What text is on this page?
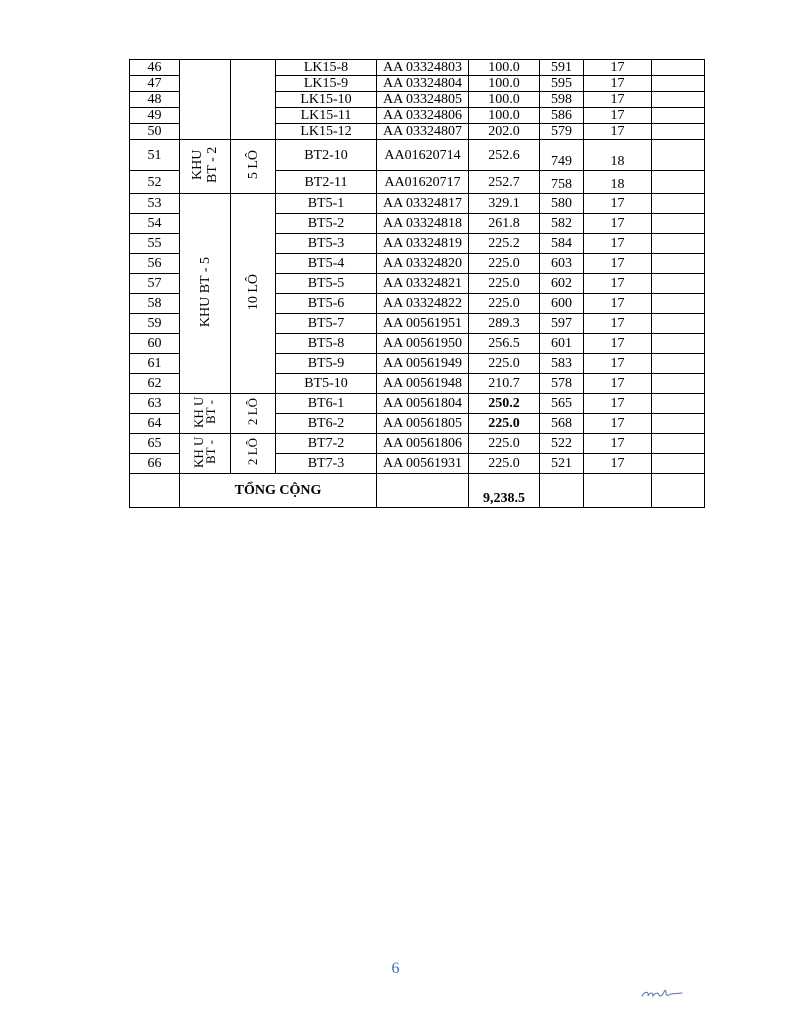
46			LK15-8	AA 03324803	100.0	591	17	
47			LK15-9	AA 03324804	100.0	595	17	
48			LK15-10	AA 03324805	100.0	598	17	
49			LK15-11	AA 03324806	100.0	586	17	
50			LK15-12	AA 03324807	202.0	579	17	
51	KHU BT - 2	5 LÔ	BT2-10	AA01620714	252.6	749	18	
52			BT2-11	AA01620717	252.7	758	18	
53	KHU BT - 5	10 LÔ	BT5-1	AA 03324817	329.1	580	17	
54			BT5-2	AA 03324818	261.8	582	17	
55			BT5-3	AA 03324819	225.2	584	17	
56			BT5-4	AA 03324820	225.0	603	17	
57			BT5-5	AA 03324821	225.0	602	17	
58			BT5-6	AA 03324822	225.0	600	17	
59			BT5-7	AA 00561951	289.3	597	17	
60			BT5-8	AA 00561950	256.5	601	17	
61			BT5-9	AA 00561949	225.0	583	17	
62			BT5-10	AA 00561948	210.7	578	17	
63	KH U BT -	2 LÔ	BT6-1	AA 00561804	250.2	565	17	
64			BT6-2	AA 00561805	225.0	568	17	
65	KH U BT -	2 LÔ	BT7-2	AA 00561806	225.0	522	17	
66			BT7-3	AA 00561931	225.0	521	17	
	TỔNG CỘNG				9,238.5			
6
